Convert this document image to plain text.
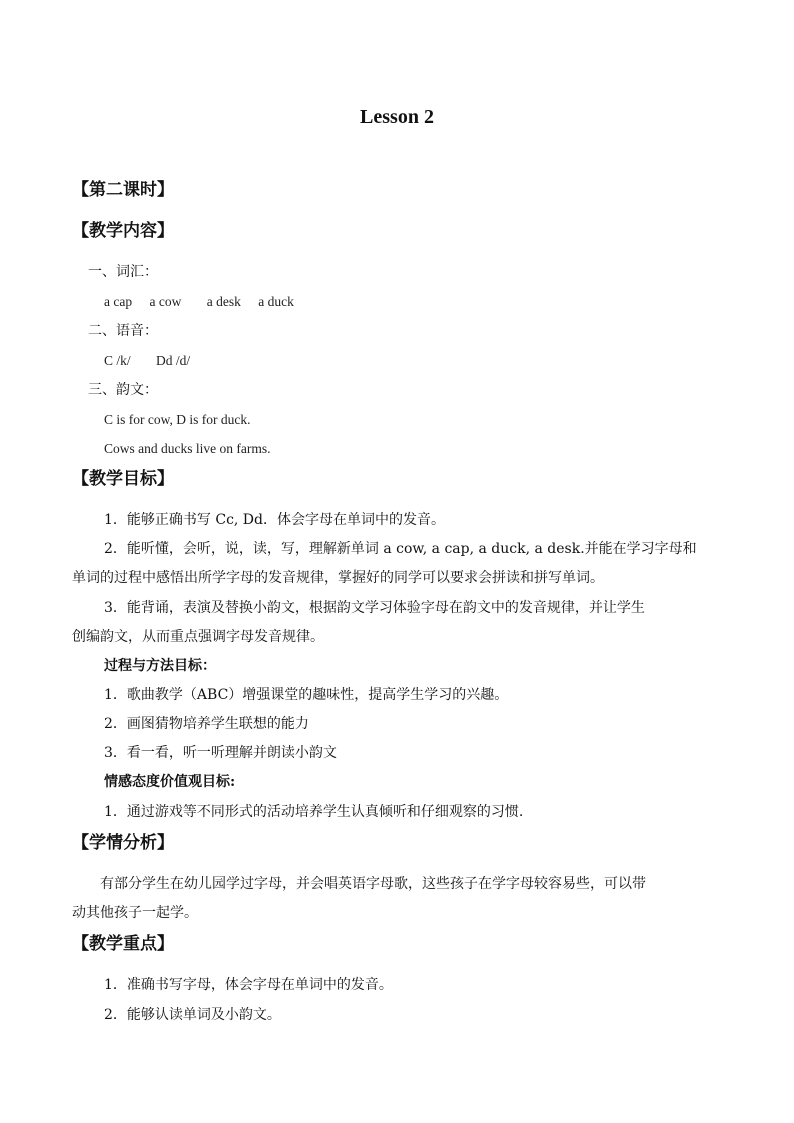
Lesson 2
【第二课时】
【教学内容】
一、词汇：
a cap a cow a desk a duck
二、语音：
C /k/ Dd /d/
三、韵文：
C is for cow, D is for duck.
Cows and ducks live on farms.
【教学目标】
1．能够正确书写 Cc, Dd．体会字母在单词中的发音。
2．能听懂，会听，说，读，写，理解新单词 a cow, a cap, a duck, a desk.并能在学习字母和
单词的过程中感悟出所学字母的发音规律，掌握好的同学可以要求会拼读和拼写单词。
3．能背诵，表演及替换小韵文，根据韵文学习体验字母在韵文中的发音规律，并让学生
创编韵文，从而重点强调字母发音规律。
过程与方法目标：
1．歌曲教学（ABC）增强课堂的趣味性，提高学生学习的兴趣。
2．画图猜物培养学生联想的能力
3．看一看，听一听理解并朗读小韵文
情感态度价值观目标:
1．通过游戏等不同形式的活动培养学生认真倾听和仔细观察的习惯.
【学情分析】
有部分学生在幼儿园学过字母，并会唱英语字母歌，这些孩子在学字母较容易些，可以带
动其他孩子一起学。
【教学重点】
1．准确书写字母，体会字母在单词中的发音。
2．能够认读单词及小韵文。
